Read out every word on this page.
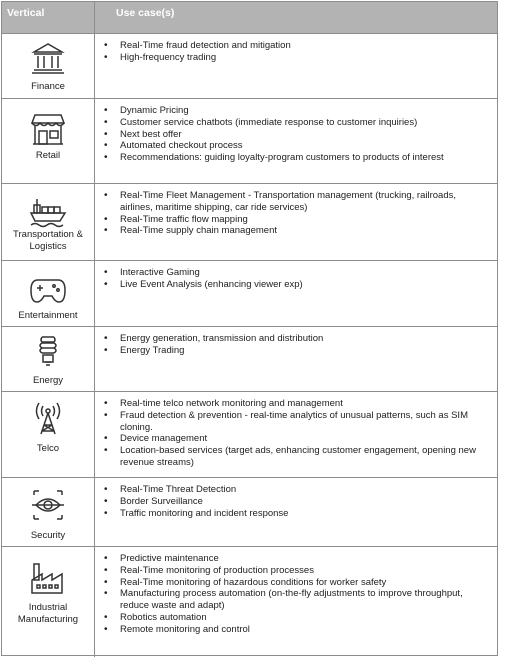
Vertical	Use case(s)
Finance
• Real-Time fraud detection and mitigation
• High-frequency trading
Retail
• Dynamic Pricing
• Customer service chatbots (immediate response to customer inquiries)
• Next best offer
• Automated checkout process
• Recommendations: guiding loyalty-program customers to products of interest
Transportation & Logistics
• Real-Time Fleet Management - Transportation management (trucking, railroads, airlines, maritime shipping, car ride services)
• Real-Time traffic flow mapping
• Real-Time supply chain management
Entertainment
• Interactive Gaming
• Live Event Analysis (enhancing viewer exp)
Energy
• Energy generation, transmission and distribution
• Energy Trading
Telco
• Real-time telco network monitoring and management
• Fraud detection & prevention - real-time analytics of unusual patterns, such as SIM cloning.
• Device management
• Location-based services (target ads, enhancing customer engagement, opening new revenue streams)
Security
• Real-Time Threat Detection
• Border Surveillance
• Traffic monitoring and incident response
Industrial Manufacturing
• Predictive maintenance
• Real-Time monitoring of production processes
• Real-Time monitoring of hazardous conditions for worker safety
• Manufacturing process automation (on-the-fly adjustments to improve throughput, reduce waste and adapt)
• Robotics automation
• Remote monitoring and control
